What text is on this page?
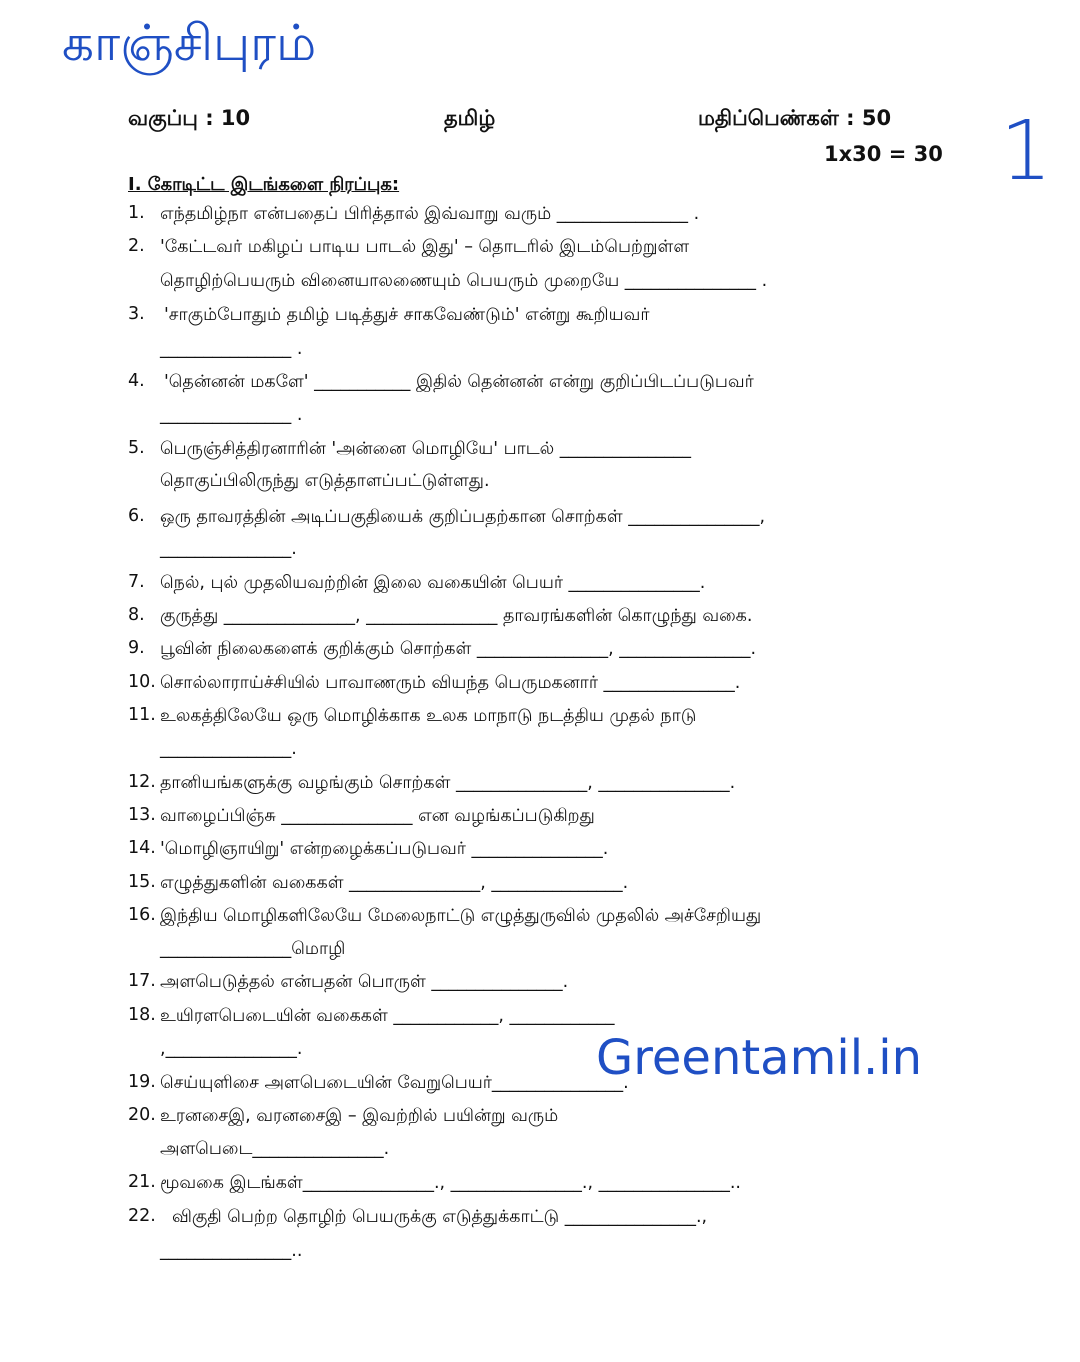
காஞ்சிபுரம்
1
வகுப்பு : 10	தமிழ்	மதிப்பெண்கள் : 50
1x30 = 30
I. கோடிட்ட இடங்களை நிரப்புக:
1. எந்தமிழ்நா என்பதைப் பிரித்தால் இவ்வாறு வரும் _______________ .
2. 'கேட்டவர் மகிழப் பாடிய பாடல் இது' – தொடரில் இடம்பெற்றுள்ள
தொழிற்பெயரும் வினையாலணையும் பெயரும் முறையே _______________ .
3. 'சாகும்போதும் தமிழ் படித்துச் சாகவேண்டும்' என்று கூறியவர்
_______________ .
4. 'தென்னன் மகளே' ___________ இதில் தென்னன் என்று குறிப்பிடப்படுபவர்
_______________ .
5. பெருஞ்சித்திரனாரின் 'அன்னை மொழியே' பாடல் _______________
தொகுப்பிலிருந்து எடுத்தாளப்பட்டுள்ளது.
6. ஒரு தாவரத்தின் அடிப்பகுதியைக் குறிப்பதற்கான சொற்கள் _______________,
_______________.
7. நெல், புல் முதலியவற்றின் இலை வகையின் பெயர் _______________.
8. குருத்து _______________, _______________ தாவரங்களின் கொழுந்து வகை.
9. பூவின் நிலைகளைக் குறிக்கும் சொற்கள் _______________, _______________.
10. சொல்லாராய்ச்சியில் பாவாணரும் வியந்த பெருமகனார் _______________.
11. உலகத்திலேயே ஒரு மொழிக்காக உலக மாநாடு நடத்திய முதல் நாடு
_______________.
12. தானியங்களுக்கு வழங்கும் சொற்கள் _______________, _______________.
13. வாழைப்பிஞ்சு _______________ என வழங்கப்படுகிறது
14. 'மொழிஞாயிறு' என்றழைக்கப்படுபவர் _______________.
15. எழுத்துகளின் வகைகள் _______________, _______________.
16. இந்திய மொழிகளிலேயே மேலைநாட்டு எழுத்துருவில் முதலில் அச்சேறியது
_______________மொழி
17. அளபெடுத்தல் என்பதன் பொருள் _______________.
18. உயிரளபெடையின் வகைகள் ____________, ____________
,_______________.
19. செய்யுளிசை அளபெடையின் வேறுபெயர்_______________.
20. உரனசைஇ, வரனசைஇ – இவற்றில் பயின்று வரும்
அளபெடை_______________.
21. மூவகை இடங்கள்_______________., _______________., _______________..
22. விகுதி பெற்ற தொழிற் பெயருக்கு எடுத்துக்காட்டு _______________.,
_______________..
Greentamil.in
